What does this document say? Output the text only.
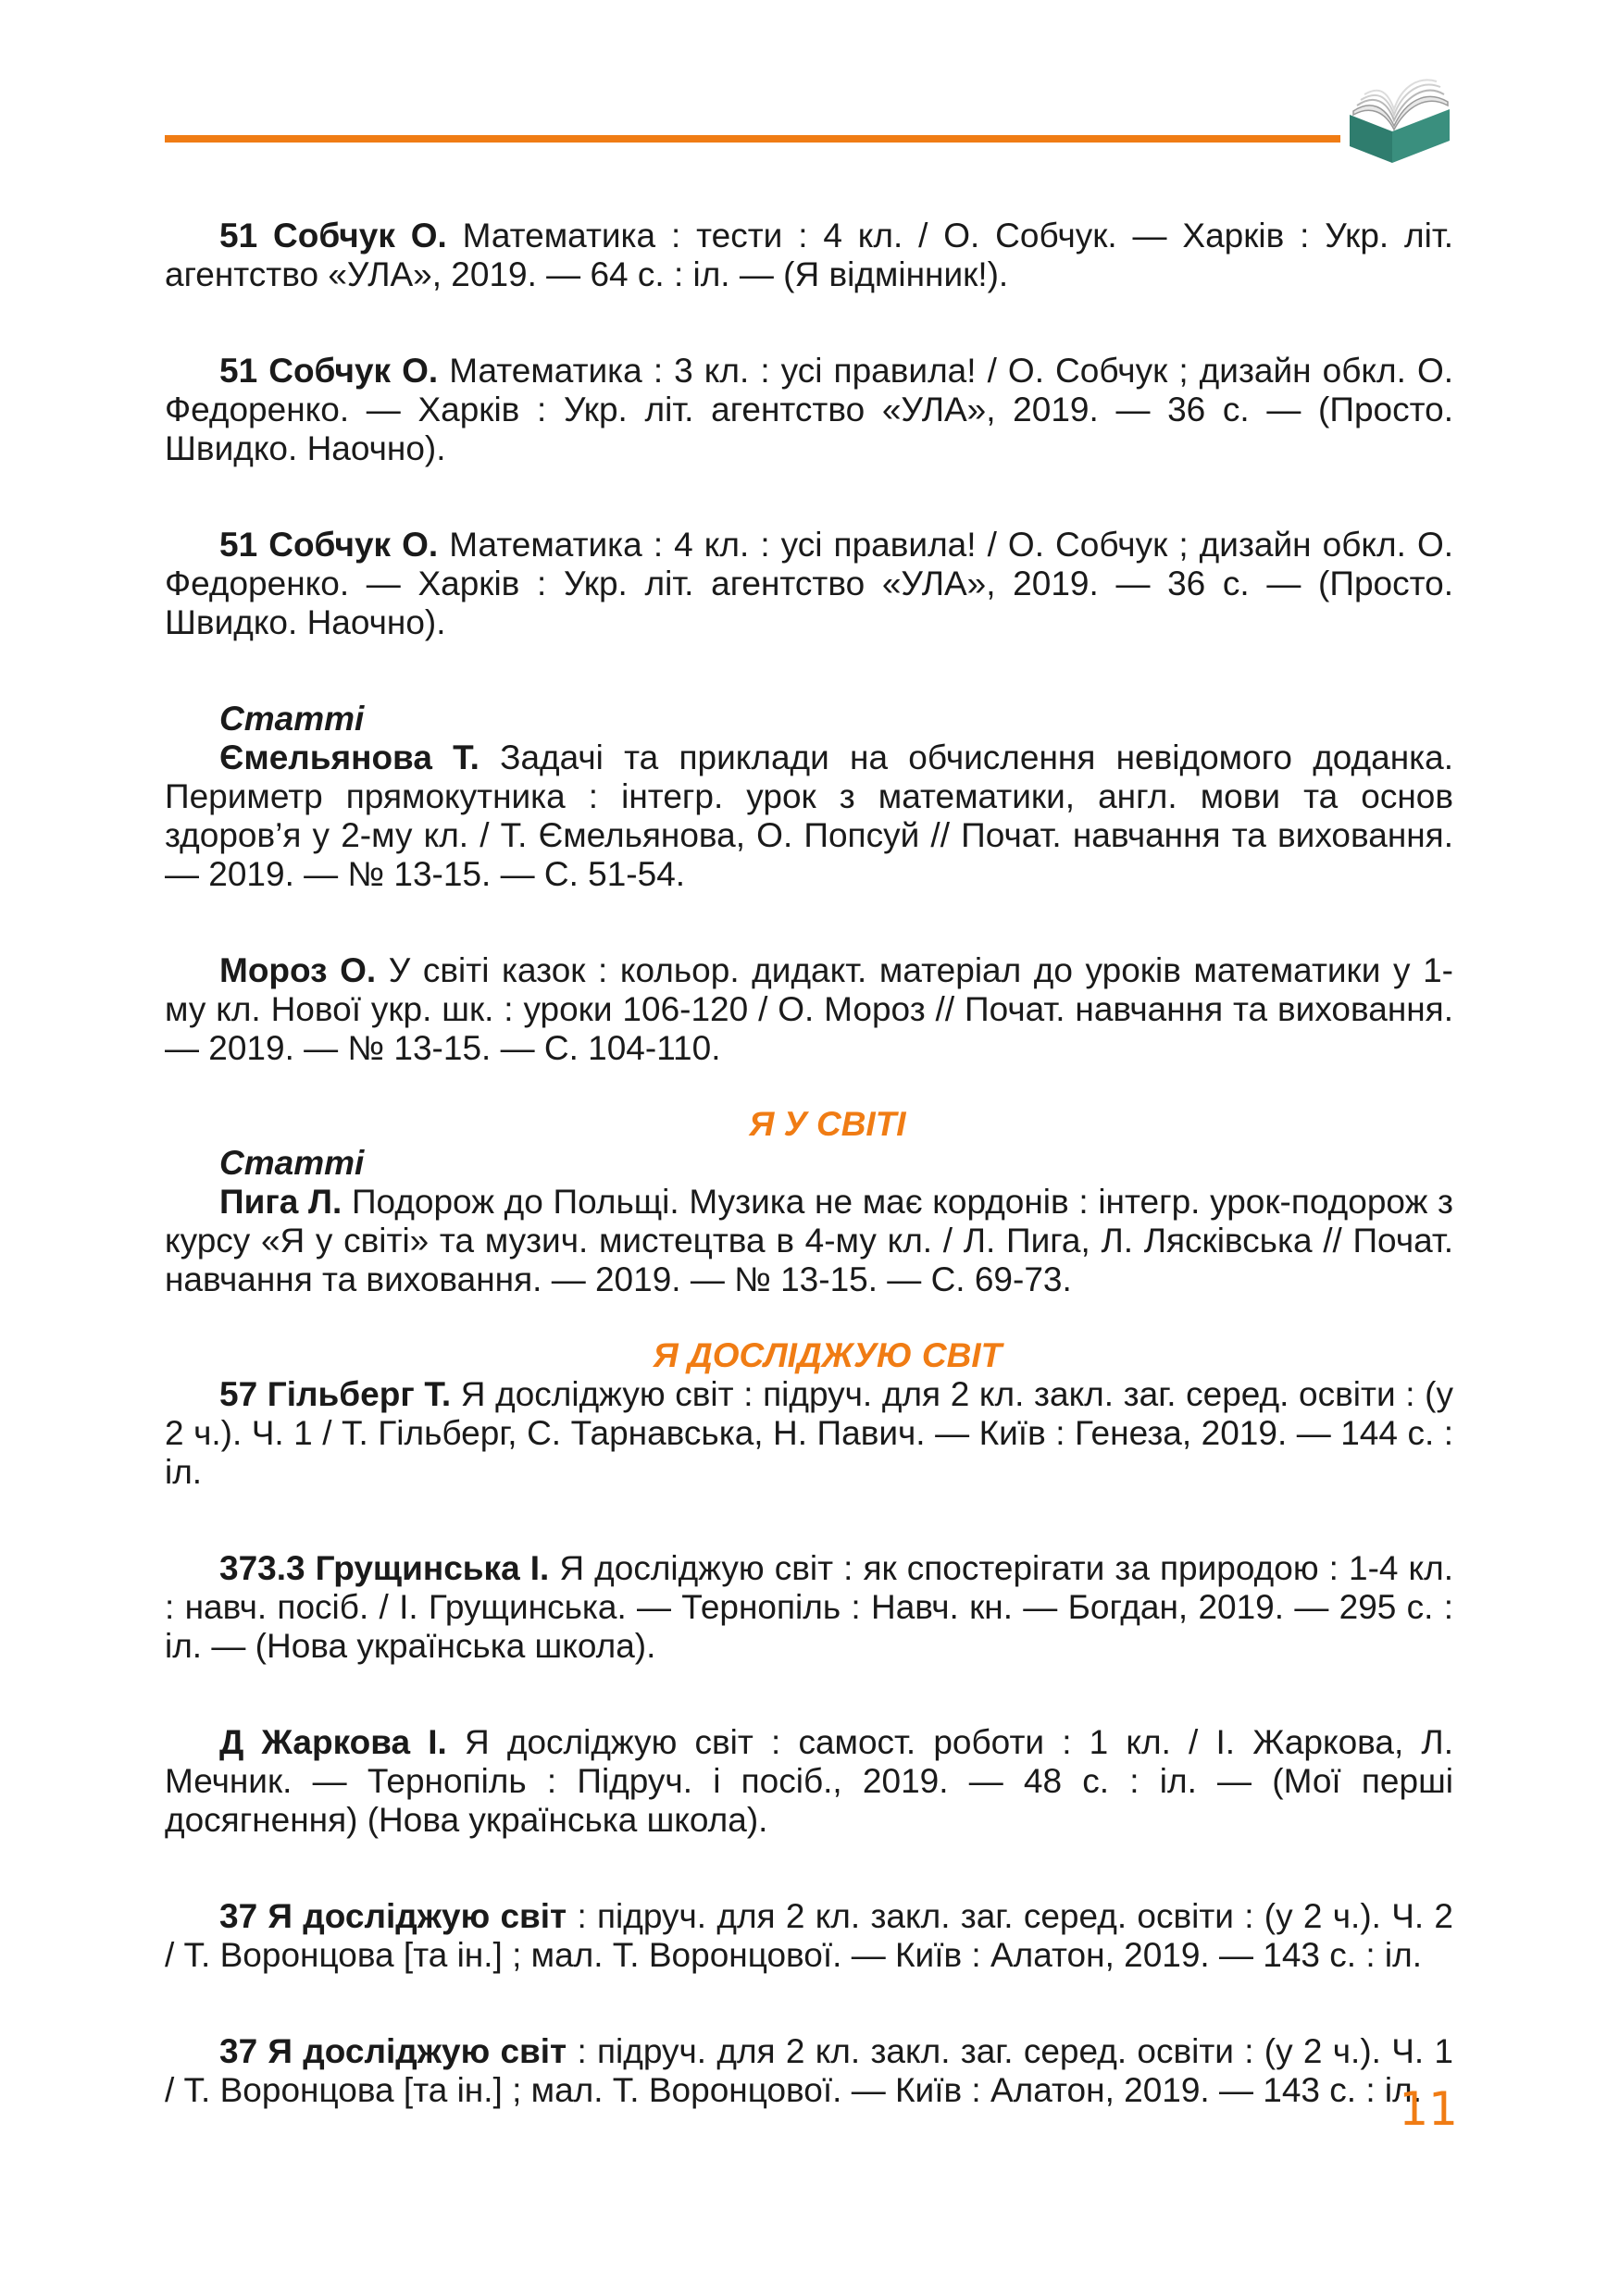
51 Собчук О. Математика : тести : 4 кл. / О. Собчук. — Харків : Укр. літ. агентство «УЛА», 2019. — 64 с. : іл. — (Я відмінник!).
51 Собчук О. Математика : 3 кл. : усі правила! / О. Собчук ; дизайн обкл. О. Федоренко. — Харків : Укр. літ. агентство «УЛА», 2019. — 36 с. — (Просто. Швидко. Наочно).
51 Собчук О. Математика : 4 кл. : усі правила! / О. Собчук ; дизайн обкл. О. Федоренко. — Харків : Укр. літ. агентство «УЛА», 2019. — 36 с. — (Просто. Швидко. Наочно).

Статті

Ємельянова Т. Задачі та приклади на обчислення невідомого доданка. Периметр прямокутника : інтегр. урок з математики, англ. мови та основ здоров’я у 2-му кл. / Т. Ємельянова, О. Попсуй // Почат. навчання та виховання. — 2019. — № 13-15. — С. 51-54.
Мороз О. У світі казок : кольор. дидакт. матеріал до уроків математики у 1-му кл. Нової укр. шк. : уроки 106-120 / О. Мороз // Почат. навчання та виховання. — 2019. — № 13-15. — С. 104-110.

Я У СВІТІ

Статті

Пига Л. Подорож до Польщі. Музика не має кордонів : інтегр. урок-подорож з курсу «Я у світі» та музич. мистецтва в 4-му кл. / Л. Пига, Л. Лясківська // Почат. навчання та виховання. — 2019. — № 13-15. — С. 69-73.

Я ДОСЛІДЖУЮ СВІТ

57 Гільберг Т. Я досліджую світ : підруч. для 2 кл. закл. заг. серед. освіти : (у 2 ч.). Ч. 1 / Т. Гільберг, С. Тарнавська, Н. Павич. — Київ : Генеза, 2019. — 144 с. : іл.
373.3 Грущинська І. Я досліджую світ : як спостерігати за природою : 1-4 кл. : навч. посіб. / І. Грущинська. — Тернопіль : Навч. кн. — Богдан, 2019. — 295 с. : іл. — (Нова українська школа).
Д Жаркова І. Я досліджую світ : самост. роботи : 1 кл. / І. Жаркова, Л. Мечник. — Тернопіль : Підруч. і посіб., 2019. — 48 с. : іл. — (Мої перші досягнення) (Нова українська школа).
37 Я досліджую світ : підруч. для 2 кл. закл. заг. серед. освіти : (у 2 ч.). Ч. 2 / Т. Воронцова [та ін.] ; мал. Т. Воронцової. — Київ : Алатон, 2019. — 143 с. : іл.
37 Я досліджую світ : підруч. для 2 кл. закл. заг. серед. освіти : (у 2 ч.). Ч. 1 / Т. Воронцова [та ін.] ; мал. Т. Воронцової. — Київ : Алатон, 2019. — 143 с. : іл.
11
